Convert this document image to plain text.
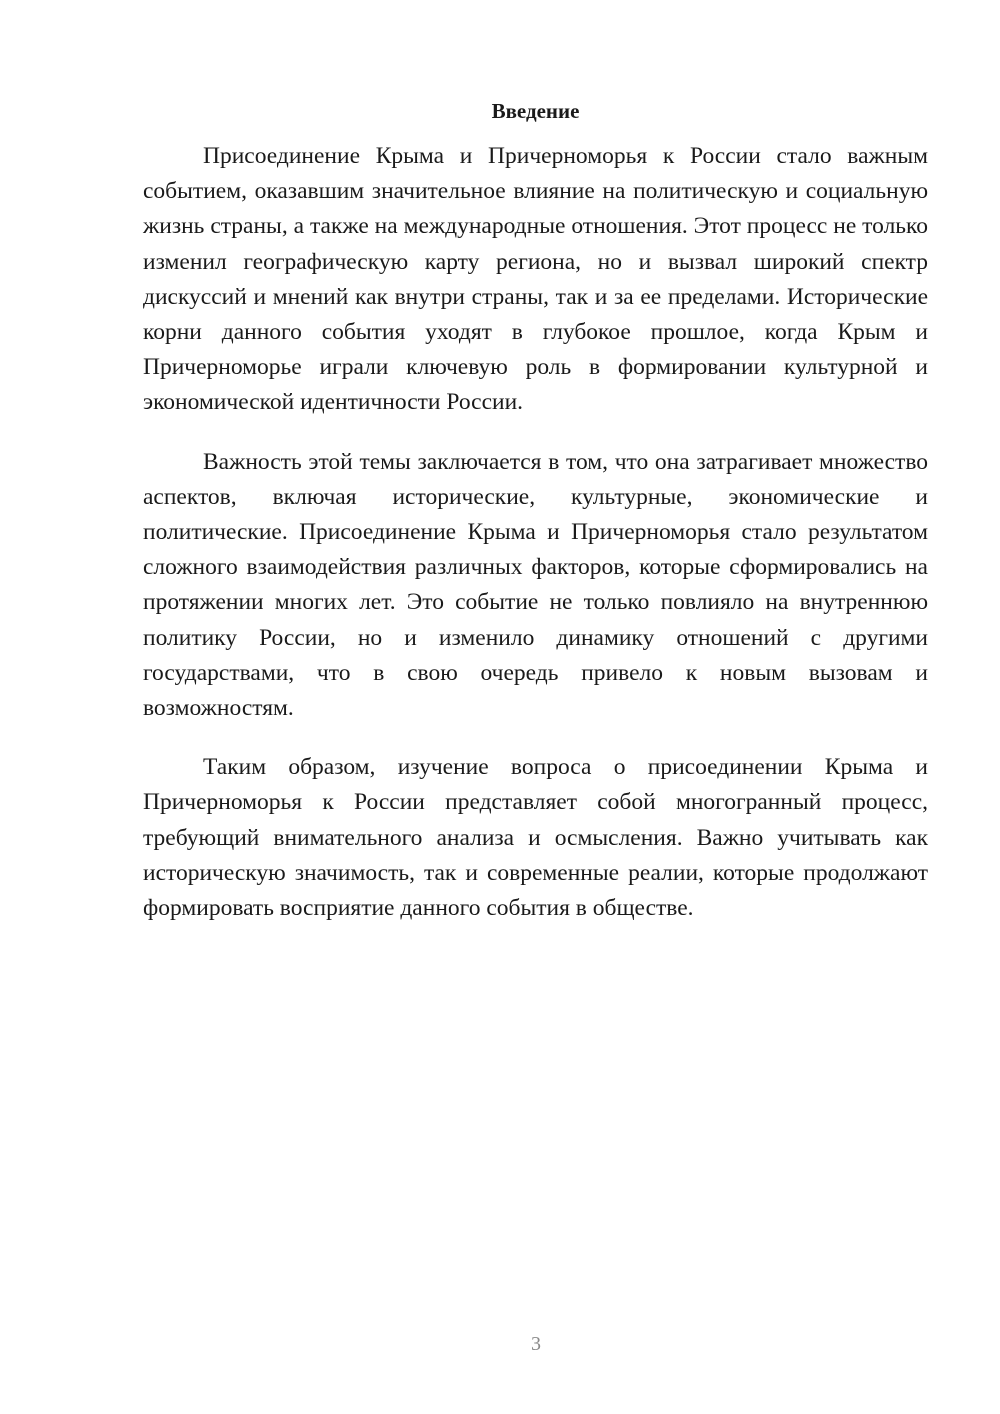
Введение

Присоединение Крыма и Причерноморья к России стало важным событием, оказавшим значительное влияние на политическую и социальную жизнь страны, а также на международные отношения. Этот процесс не только изменил географическую карту региона, но и вызвал широкий спектр дискуссий и мнений как внутри страны, так и за ее пределами. Исторические корни данного события уходят в глубокое прошлое, когда Крым и Причерноморье играли ключевую роль в формировании культурной и экономической идентичности России.

Важность этой темы заключается в том, что она затрагивает множество аспектов, включая исторические, культурные, экономические и политические. Присоединение Крыма и Причерноморья стало результатом сложного взаимодействия различных факторов, которые сформировались на протяжении многих лет. Это событие не только повлияло на внутреннюю политику России, но и изменило динамику отношений с другими государствами, что в свою очередь привело к новым вызовам и возможностям.

Таким образом, изучение вопроса о присоединении Крыма и Причерноморья к России представляет собой многогранный процесс, требующий внимательного анализа и осмысления. Важно учитывать как историческую значимость, так и современные реалии, которые продолжают формировать восприятие данного события в обществе.

3
